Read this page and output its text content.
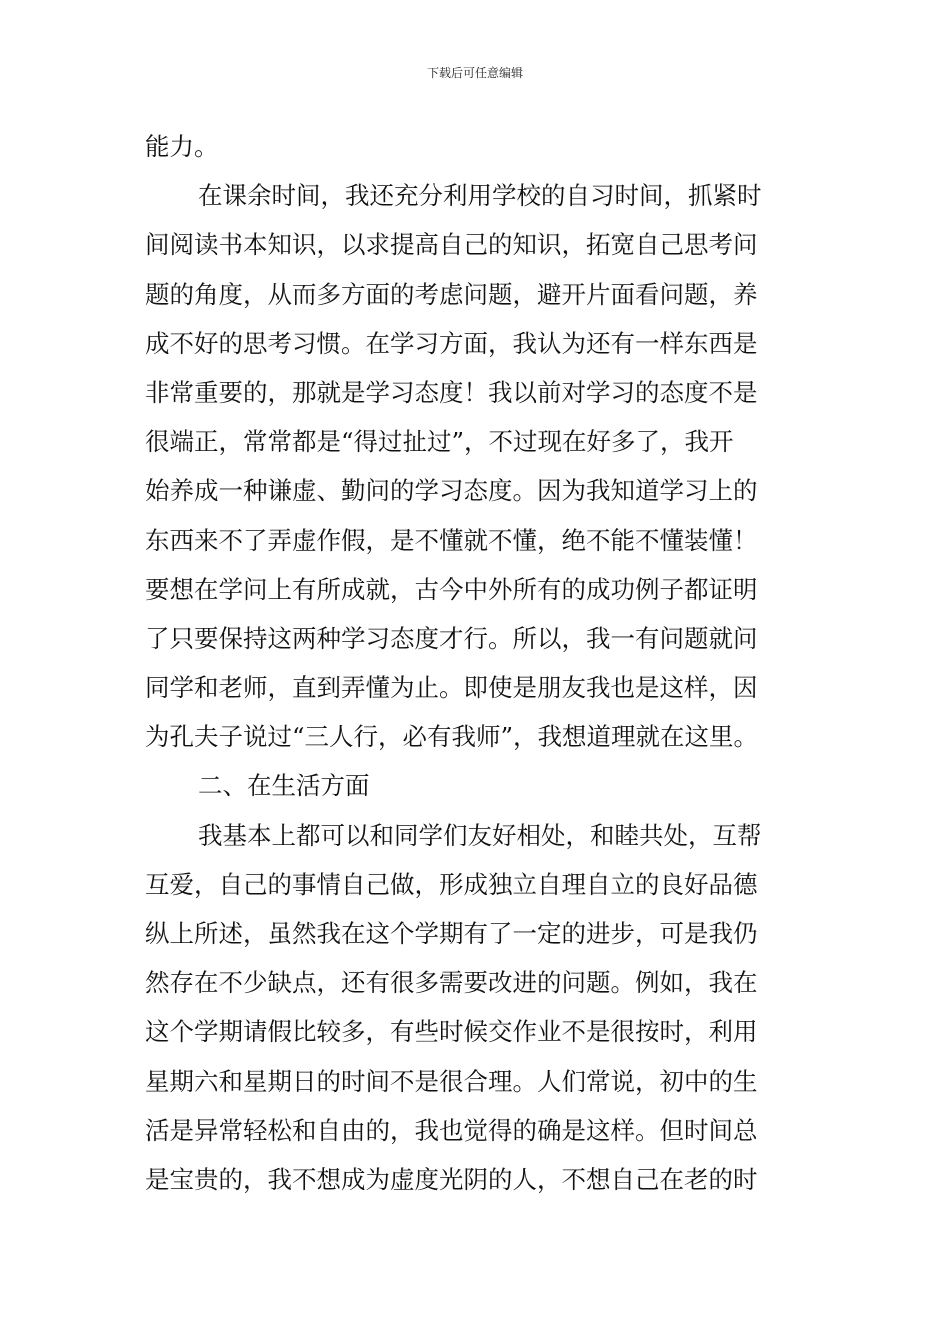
下载后可任意编辑
能力。
在课余时间，我还充分利用学校的自习时间，抓紧时
间阅读书本知识，以求提高自己的知识，拓宽自己思考问
题的角度，从而多方面的考虑问题，避开片面看问题，养
成不好的思考习惯。在学习方面，我认为还有一样东西是
非常重要的，那就是学习态度！我以前对学习的态度不是
很端正，常常都是“得过扯过”，不过现在好多了，我开
始养成一种谦虚、勤问的学习态度。因为我知道学习上的
东西来不了弄虚作假，是不懂就不懂，绝不能不懂装懂！
要想在学问上有所成就，古今中外所有的成功例子都证明
了只要保持这两种学习态度才行。所以，我一有问题就问
同学和老师，直到弄懂为止。即使是朋友我也是这样，因
为孔夫子说过“三人行，必有我师”，我想道理就在这里。
二、在生活方面
我基本上都可以和同学们友好相处，和睦共处，互帮
互爱，自己的事情自己做，形成独立自理自立的良好品德
纵上所述，虽然我在这个学期有了一定的进步，可是我仍
然存在不少缺点，还有很多需要改进的问题。例如，我在
这个学期请假比较多，有些时候交作业不是很按时，利用
星期六和星期日的时间不是很合理。人们常说，初中的生
活是异常轻松和自由的，我也觉得的确是这样。但时间总
是宝贵的，我不想成为虚度光阴的人，不想自己在老的时
